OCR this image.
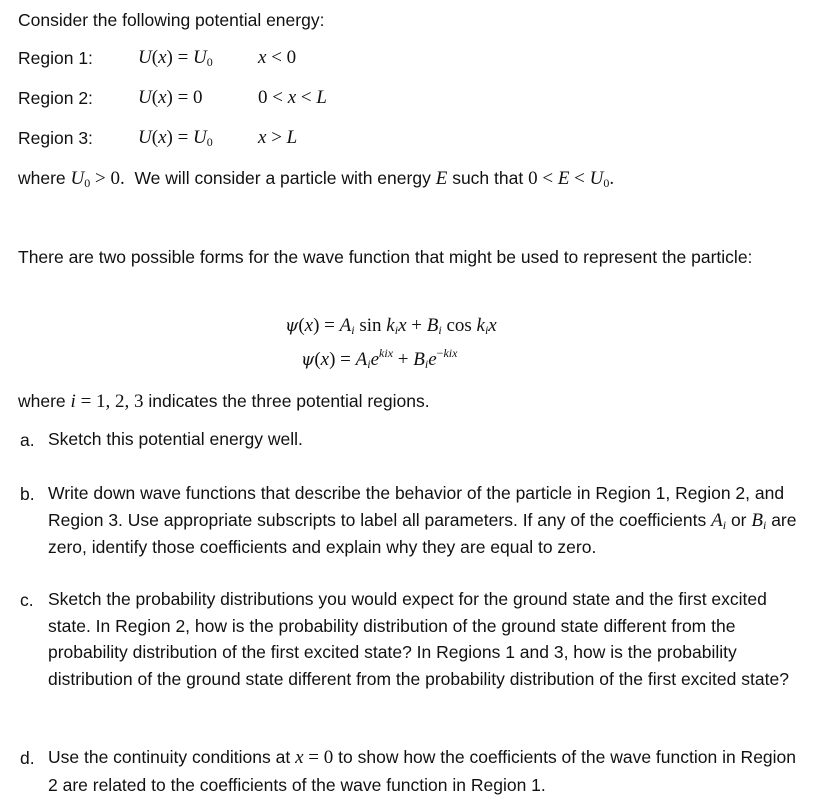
Consider the following potential energy:
Region 1: $U(x) = U_0$ x < 0
Region 2: U(x) = 0	0 < x < L
Region 3: $U(x) = U_0$ x > L
where $U_0 > 0$. We will consider a particle with energy E such that $0 < E < U_0$.
There are two possible forms for the wave function that might be used to represent the particle:
$\psi(x) = A_i$ $\sin k_ix + B_i$ $\cos k_ix$
$\psi(x) = A_ie^{kix} + B_ie^{-kix}$
where i = 1, 2, 3 indicates the three potential regions.
a. Sketch this potential energy well.
b. Write down wave functions that describe the behavior of the particle in Region 1, Region 2, and Region 3. Use appropriate subscripts to label all parameters. If any of the coefficients $A_i$ or $B_i$ are zero, identify those coefficients and explain why they are equal to zero.
c. Sketch the probability distributions you would expect for the ground state and the first excited state. In Region 2, how is the probability distribution of the ground state different from the probability distribution of the first excited state? In Regions 1 and 3, how is the probability distribution of the ground state different from the probability distribution of the first excited state?
d. Use the continuity conditions at x = 0 to show how the coefficients of the wave function in Region 2 are related to the coefficients of the wave function in Region 1.
